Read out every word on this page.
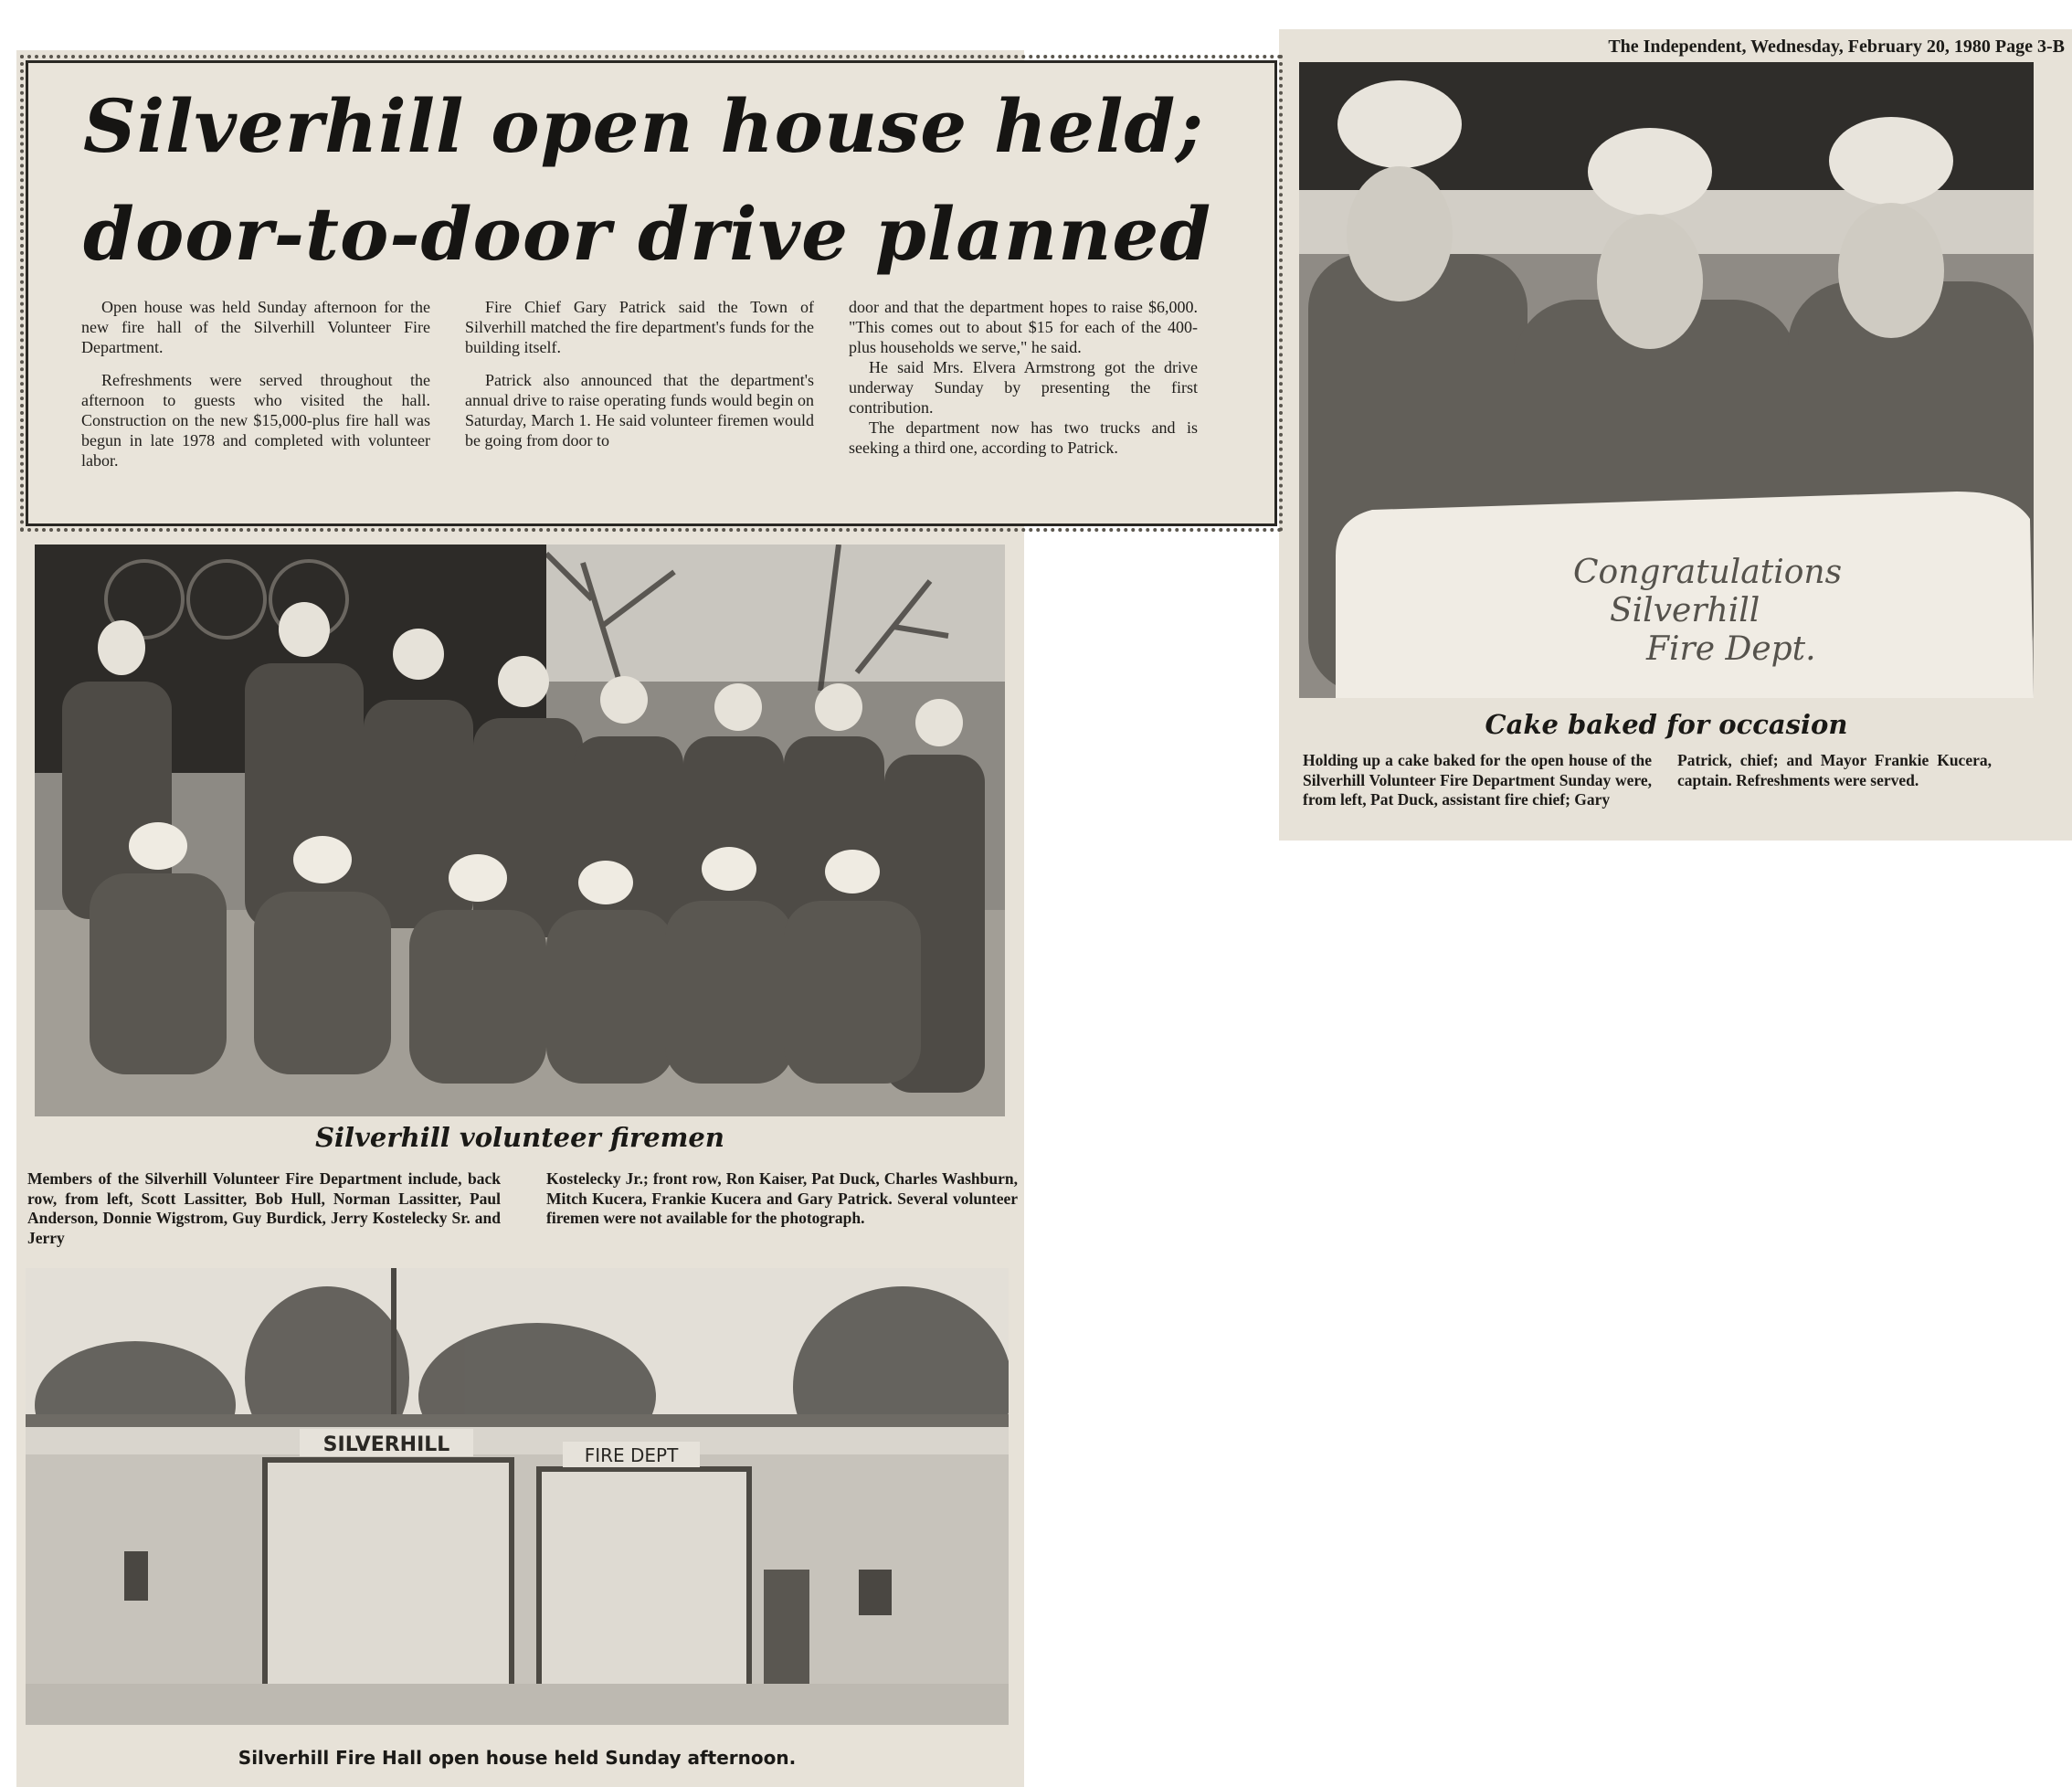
The Independent, Wednesday, February 20, 1980 Page 3-B
Silverhill open house held;
door-to-door drive planned

Open house was held Sunday afternoon for the new fire hall of the Silverhill Volunteer Fire Department.

Refreshments were served throughout the afternoon to guests who visited the hall. Construction on the new $15,000-plus fire hall was begun in late 1978 and completed with volunteer labor.

Fire Chief Gary Patrick said the Town of Silverhill matched the fire department's funds for the building itself.

Patrick also announced that the department's annual drive to raise operating funds would begin on Saturday, March 1. He said volunteer firemen would be going from door to

door and that the department hopes to raise $6,000. "This comes out to about $15 for each of the 400-plus households we serve," he said.

He said Mrs. Elvera Armstrong got the drive underway Sunday by presenting the first contribution.

The department now has two trucks and is seeking a third one, according to Patrick.

Silverhill volunteer firemen

Members of the Silverhill Volunteer Fire Department include, back row, from left, Scott Lassitter, Bob Hull, Norman Lassitter, Paul Anderson, Donnie Wigstrom, Guy Burdick, Jerry Kostelecky Sr. and Jerry

Kostelecky Jr.; front row, Ron Kaiser, Pat Duck, Charles Washburn, Mitch Kucera, Frankie Kucera and Gary Patrick. Several volunteer firemen were not available for the photograph.

Congratulations
Silverhill
Fire Dept.
Cake baked for occasion

Holding up a cake baked for the open house of the Silverhill Volunteer Fire Department Sunday were, from left, Pat Duck, assistant fire chief; Gary

Patrick, chief; and Mayor Frankie Kucera, captain. Refreshments were served.

SILVERHILL	FIRE DEPT

Silverhill Fire Hall open house held Sunday afternoon.
